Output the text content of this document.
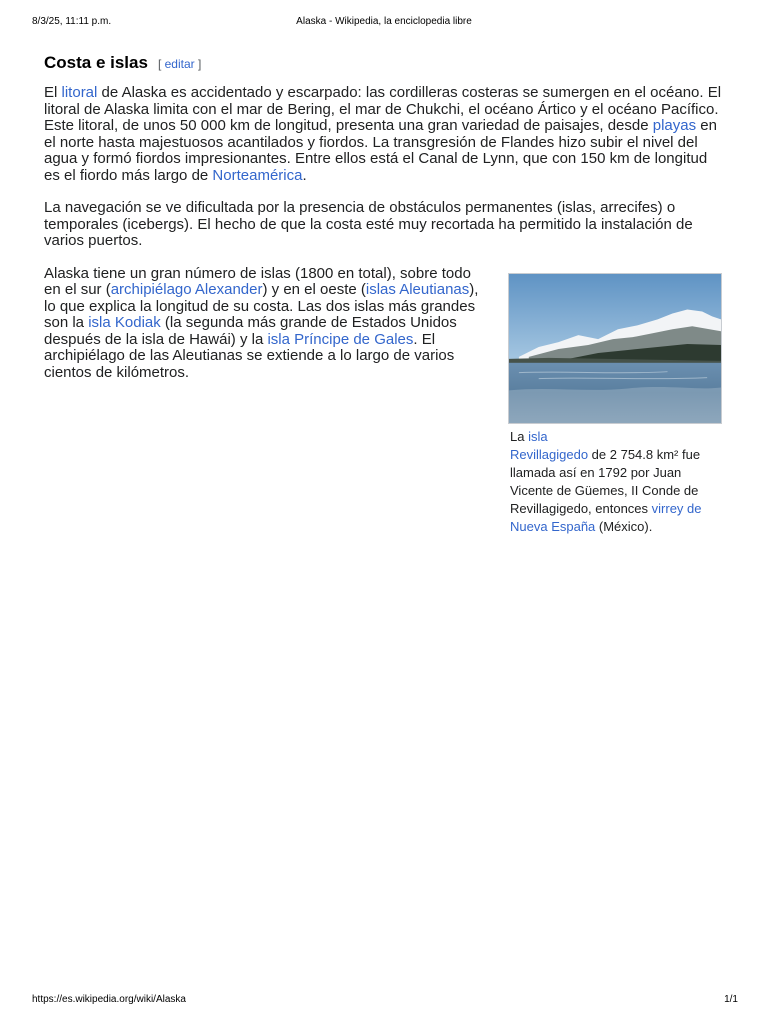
8/3/25, 11:11 p.m.	Alaska - Wikipedia, la enciclopedia libre
Costa e islas [ editar ]

El litoral de Alaska es accidentado y escarpado: las cordilleras costeras se sumergen en el océano. El litoral de Alaska limita con el mar de Bering, el mar de Chukchi, el océano Ártico y el océano Pacífico. Este litoral, de unos 50 000 km de longitud, presenta una gran variedad de paisajes, desde playas en el norte hasta majestuosos acantilados y fiordos. La transgresión de Flandes hizo subir el nivel del agua y formó fiordos impresionantes. Entre ellos está el Canal de Lynn, que con 150 km de longitud es el fiordo más largo de Norteamérica.

La navegación se ve dificultada por la presencia de obstáculos permanentes (islas, arrecifes) o temporales (icebergs). El hecho de que la costa esté muy recortada ha permitido la instalación de varios puertos.

Alaska tiene un gran número de islas (1800 en total), sobre todo en el sur (archipiélago Alexander) y en el oeste (islas Aleutianas), lo que explica la longitud de su costa. Las dos islas más grandes son la isla Kodiak (la segunda más grande de Estados Unidos después de la isla de Hawái) y la isla Príncipe de Gales. El archipiélago de las Aleutianas se extiende a lo largo de varios cientos de kilómetros.

La isla
Revillagigedo de 2 754.8 km² fue llamada así en 1792 por Juan Vicente de Güemes, II Conde de Revillagigedo, entonces virrey de Nueva España (México).
https://es.wikipedia.org/wiki/Alaska	1/1
